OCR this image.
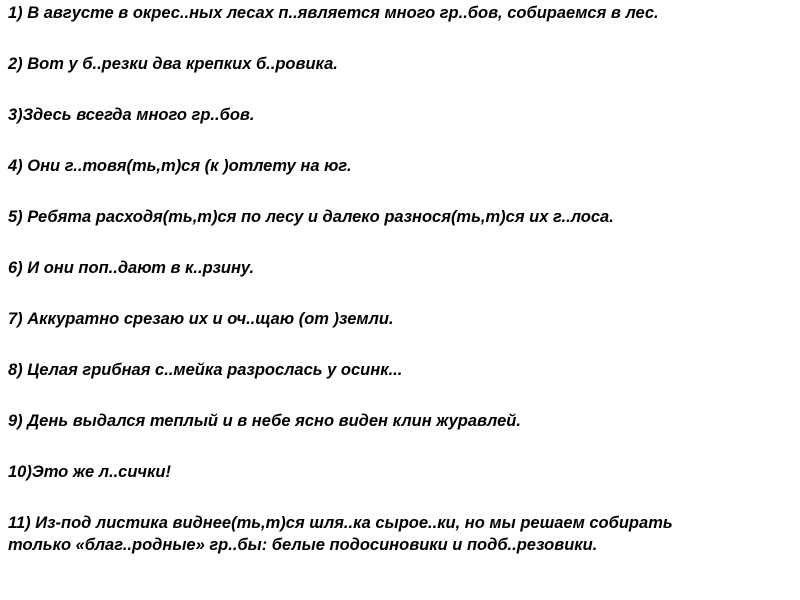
1) В августе в окрес..ных лесах п..является много гр..бов, собираемся в лес.
2) Вот у б..резки два крепких б..ровика.
3)Здесь всегда много гр..бов.
4) Они г..товя(ть,т)ся (к )отлету на юг.
5) Ребята расходя(ть,т)ся по лесу и далеко разнося(ть,т)ся их г..лоса.
6) И они поп..дают в к..рзину.
7) Аккуратно срезаю их и оч..щаю (от )земли.
8) Целая грибная с..мейка разрослась у осинк...
9) День выдался теплый и в небе ясно виден клин журавлей.
10)Это же л..сички!
11) Из-под листика виднее(ть,т)ся шля..ка сырое..ки, но мы решаем собирать
только «благ..родные» гр..бы: белые подосиновики и подб..резовики.
